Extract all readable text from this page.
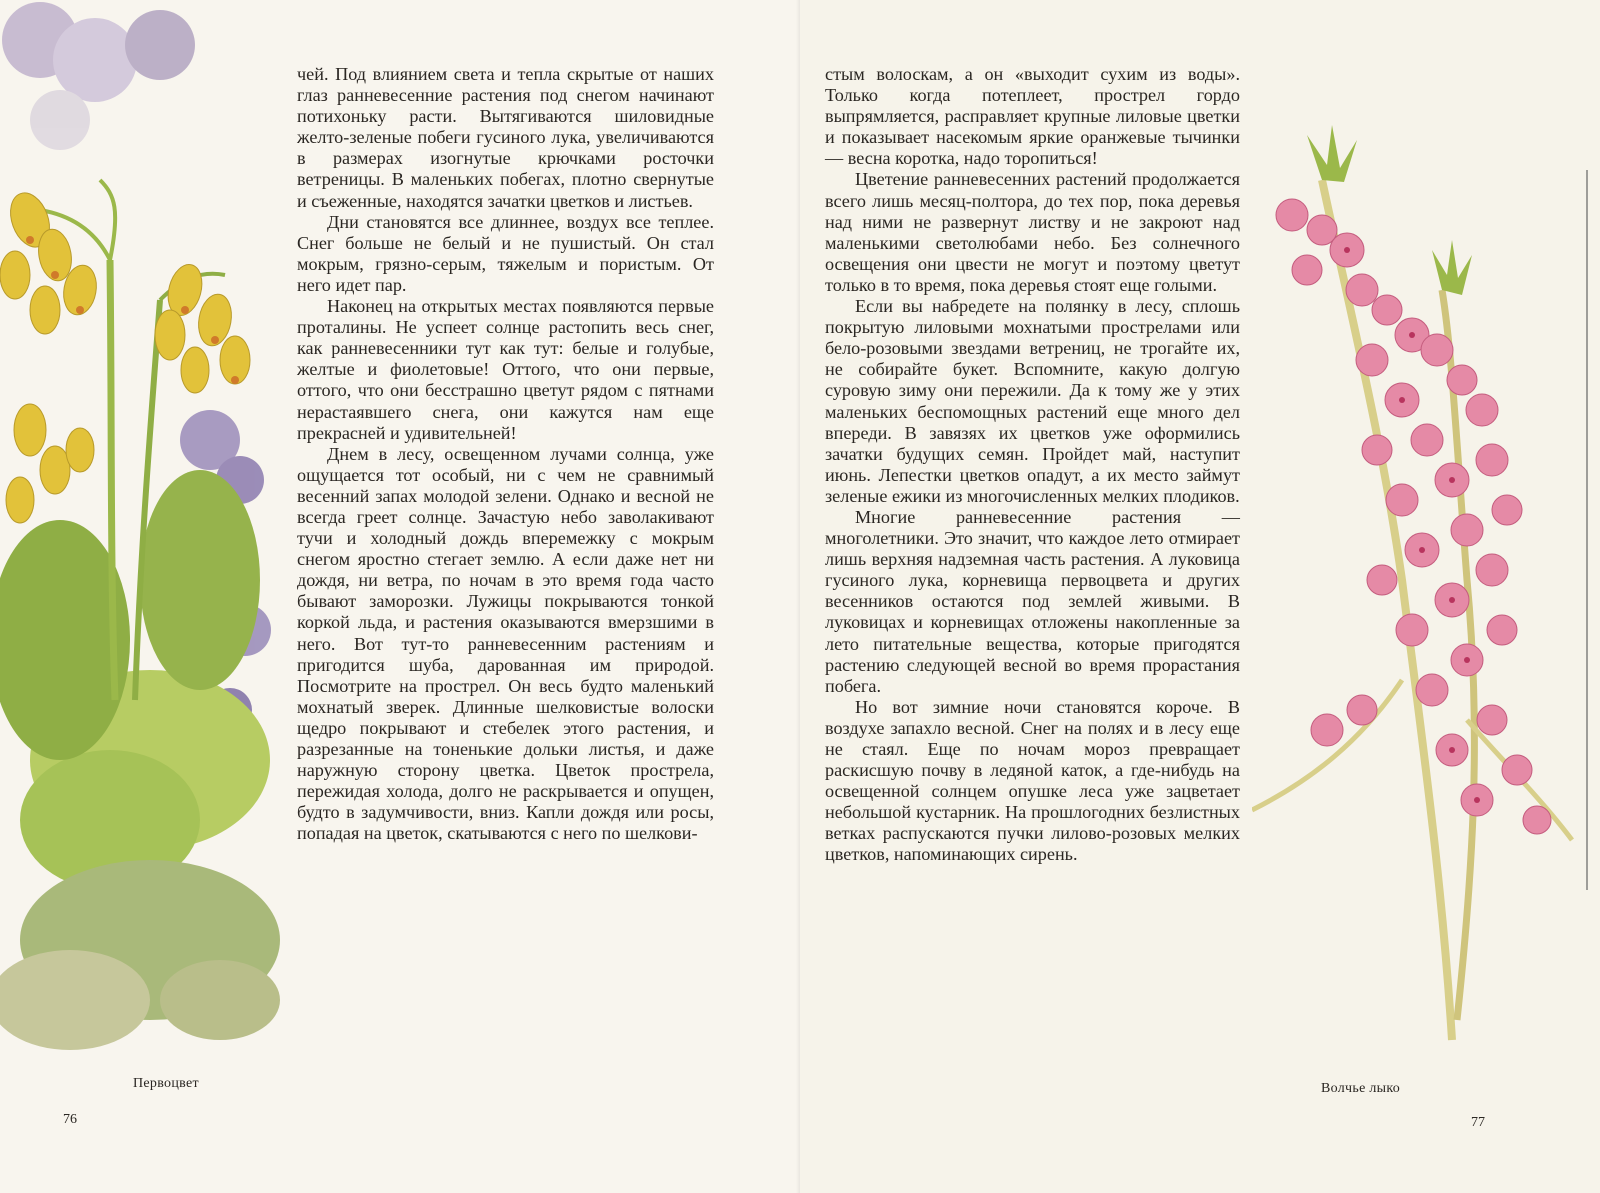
чей. Под влиянием света и тепла скрытые от наших глаз ранневесенние растения под снегом начинают потихоньку расти. Вытягиваются шиловидные желто-зеленые побеги гусиного лука, увеличиваются в размерах изогнутые крючками росточки ветреницы. В маленьких побегах, плотно свернутые и съеженные, находятся зачатки цветков и листьев.

Дни становятся все длиннее, воздух все теплее. Снег больше не белый и не пушистый. Он стал мокрым, грязно-серым, тяжелым и пористым. От него идет пар.

Наконец на открытых местах появляются первые проталины. Не успеет солнце растопить весь снег, как ранневесенники тут как тут: белые и голубые, желтые и фиолетовые! Оттого, что они первые, оттого, что они бесстрашно цветут рядом с пятнами нерастаявшего снега, они кажутся нам еще прекрасней и удивительней!

Днем в лесу, освещенном лучами солнца, уже ощущается тот особый, ни с чем не сравнимый весенний запах молодой зелени. Однако и весной не всегда греет солнце. Зачастую небо заволакивают тучи и холодный дождь вперемежку с мокрым снегом яростно стегает землю. А если даже нет ни дождя, ни ветра, по ночам в это время года часто бывают заморозки. Лужицы покрываются тонкой коркой льда, и растения оказываются вмерзшими в него. Вот тут-то ранневесенним растениям и пригодится шуба, дарованная им природой. Посмотрите на прострел. Он весь будто маленький мохнатый зверек. Длинные шелковистые волоски щедро покрывают и стебелек этого растения, и разрезанные на тоненькие дольки листья, и даже наружную сторону цветка. Цветок прострела, пережидая холода, долго не раскрывается и опущен, будто в задумчивости, вниз. Капли дождя или росы, попадая на цветок, скатываются с него по шелкови-

Первоцвет
76

стым волоскам, а он «выходит сухим из воды». Только когда потеплеет, прострел гордо выпрямляется, расправляет крупные лиловые цветки и показывает насекомым яркие оранжевые тычинки — весна коротка, надо торопиться!

Цветение ранневесенних растений продолжается всего лишь месяц-полтора, до тех пор, пока деревья над ними не развернут листву и не закроют над маленькими светолюбами небо. Без солнечного освещения они цвести не могут и поэтому цветут только в то время, пока деревья стоят еще голыми.

Если вы набредете на полянку в лесу, сплошь покрытую лиловыми мохнатыми прострелами или бело-розовыми звездами ветрениц, не трогайте их, не собирайте букет. Вспомните, какую долгую суровую зиму они пережили. Да к тому же у этих маленьких беспомощных растений еще много дел впереди. В завязях их цветков уже оформились зачатки будущих семян. Пройдет май, наступит июнь. Лепестки цветков опадут, а их место займут зеленые ежики из многочисленных мелких плодиков.

Многие ранневесенние растения — многолетники. Это значит, что каждое лето отмирает лишь верхняя надземная часть растения. А луковица гусиного лука, корневища первоцвета и других весенников остаются под землей живыми. В луковицах и корневищах отложены накопленные за лето питательные вещества, которые пригодятся растению следующей весной во время прорастания побега.

Но вот зимние ночи становятся короче. В воздухе запахло весной. Снег на полях и в лесу еще не стаял. Еще по ночам мороз превращает раскисшую почву в ледяной каток, а где-нибудь на освещенной солнцем опушке леса уже зацветает небольшой кустарник. На прошлогодних безлистных ветках распускаются пучки лилово-розовых мелких цветков, напоминающих сирень.

Волчье лыко
77
